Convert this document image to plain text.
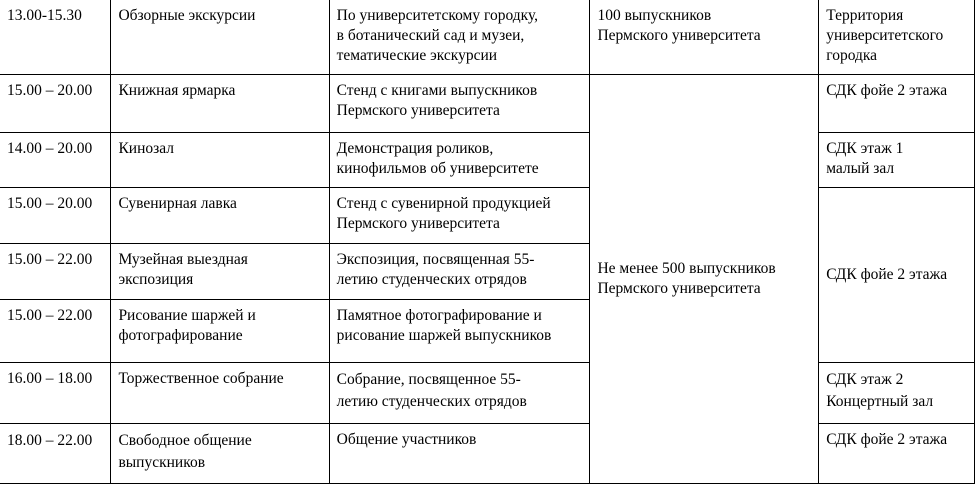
13.00-15.30	Обзорные экскурсии	По университетскому городку,
в ботанический сад и музеи,
тематические экскурсии	100 выпускников
Пермского университета	Территория
университетского
городка
15.00 – 20.00	Книжная ярмарка	Стенд с книгами выпускников
Пермского университета	Не менее 500 выпускников
Пермского университета	СДК фойе 2 этажа
14.00 – 20.00	Кинозал	Демонстрация роликов,
кинофильмов об университете		СДК этаж 1
малый зал
15.00 – 20.00	Сувенирная лавка	Стенд с сувенирной продукцией
Пермского университета		СДК фойе 2 этажа
15.00 – 22.00	Музейная выездная
экспозиция	Экспозиция, посвященная 55-
летию студенческих отрядов		
15.00 – 22.00	Рисование шаржей и
фотографирование	Памятное фотографирование и
рисование шаржей выпускников		
16.00 – 18.00	Торжественное собрание	Собрание, посвященное 55-
летию студенческих отрядов		СДК этаж 2
Концертный зал
18.00 – 22.00	Свободное общение
выпускников	Общение участников		СДК фойе 2 этажа
